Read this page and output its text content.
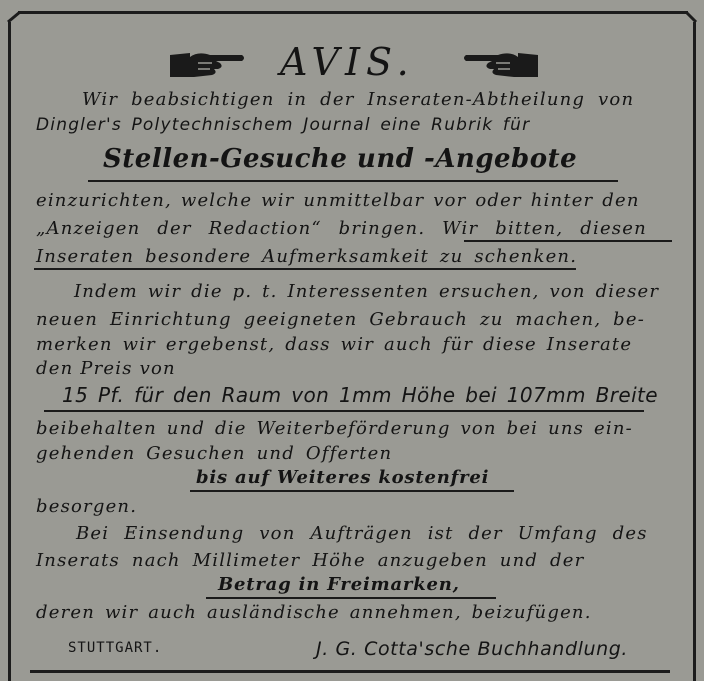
AVIS.
Wir beabsichtigen in der Inseraten-Abtheilung von
Dingler's Polytechnischem Journal eine Rubrik für
Stellen-Gesuche und -Angebote
einzurichten, welche wir unmittelbar vor oder hinter den
„Anzeigen der Redaction“ bringen. Wir bitten, diesen
Inseraten besondere Aufmerksamkeit zu schenken.
Indem wir die p. t. Interessenten ersuchen, von dieser
neuen Einrichtung geeigneten Gebrauch zu machen, be-
merken wir ergebenst, dass wir auch für diese Inserate
den Preis von
15 Pf. für den Raum von 1mm Höhe bei 107mm Breite
beibehalten und die Weiterbeförderung von bei uns ein-
gehenden Gesuchen und Offerten
bis auf Weiteres kostenfrei
besorgen.
Bei Einsendung von Aufträgen ist der Umfang des
Inserats nach Millimeter Höhe anzugeben und der
Betrag in Freimarken,
deren wir auch ausländische annehmen, beizufügen.
STUTTGART.	J. G. Cotta'sche Buchhandlung.
